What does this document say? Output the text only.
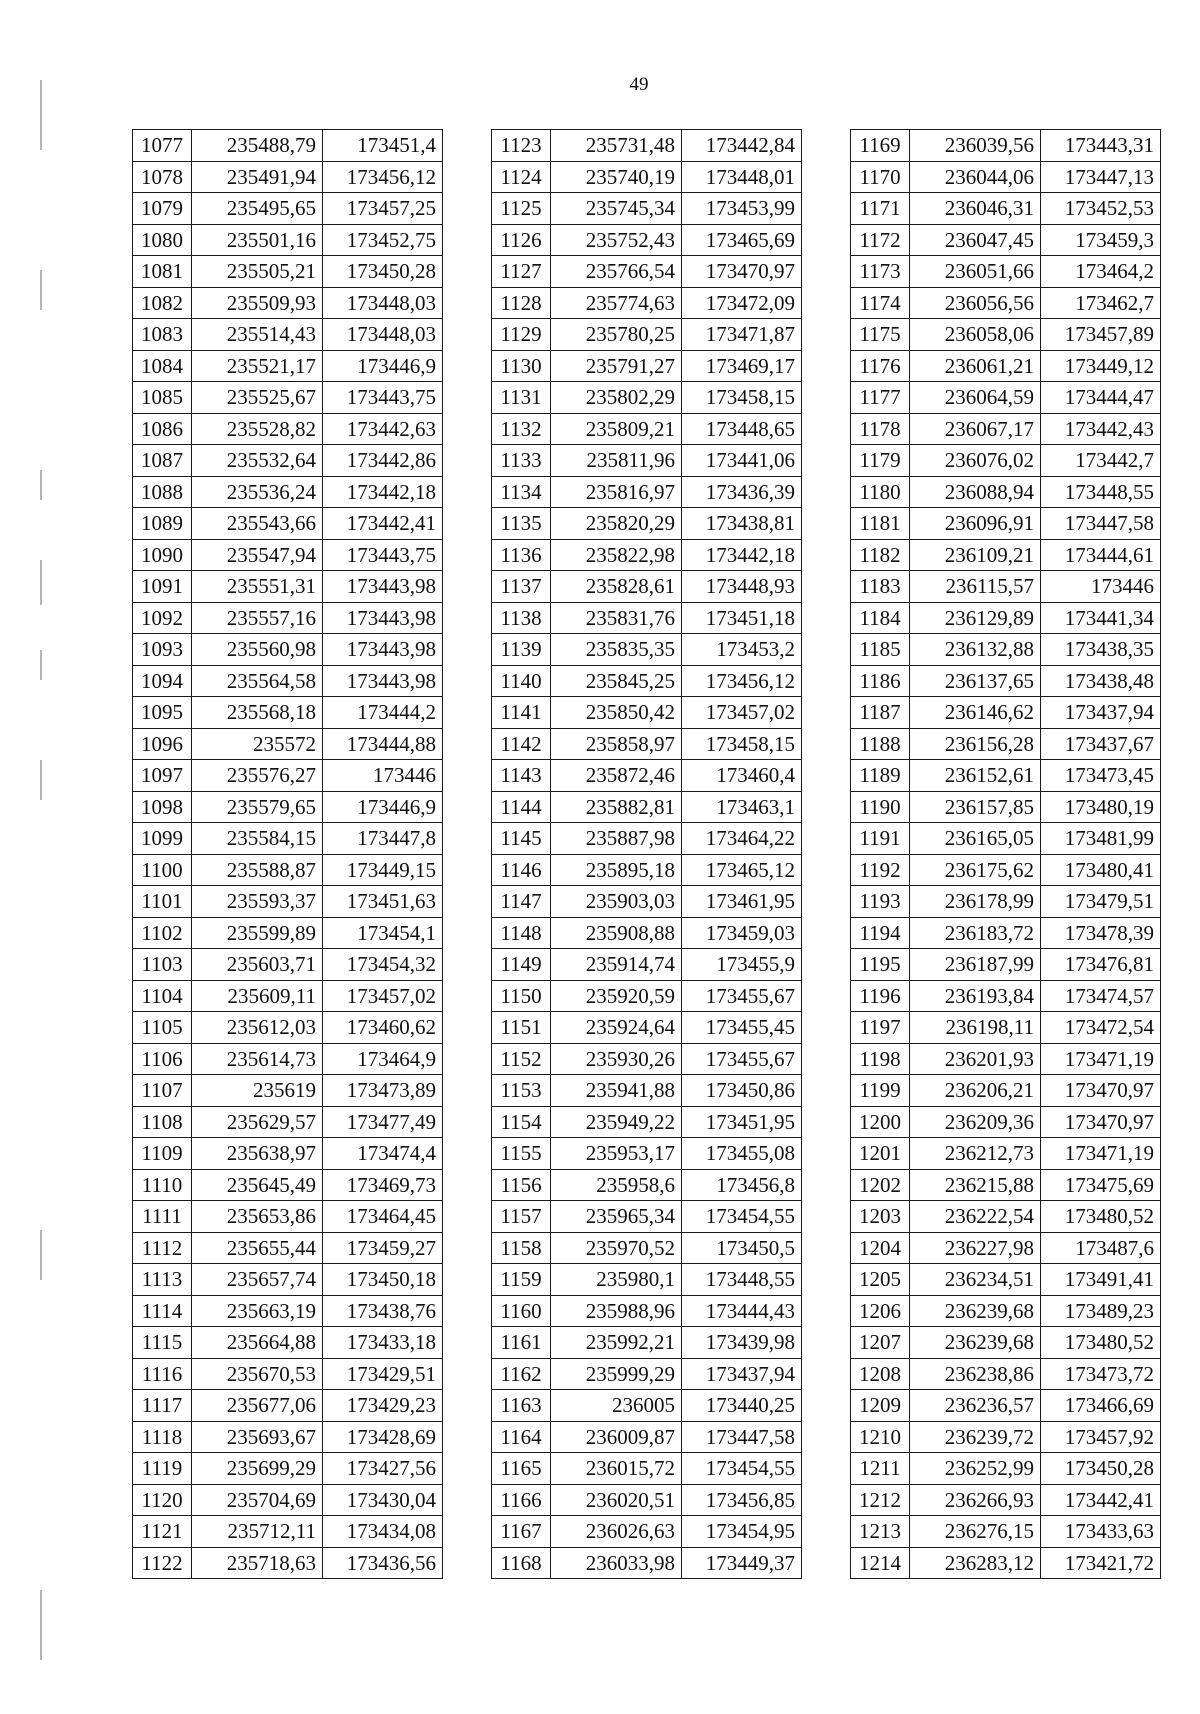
49
1077	235488,79	173451,4
1078	235491,94	173456,12
1079	235495,65	173457,25
1080	235501,16	173452,75
1081	235505,21	173450,28
1082	235509,93	173448,03
1083	235514,43	173448,03
1084	235521,17	173446,9
1085	235525,67	173443,75
1086	235528,82	173442,63
1087	235532,64	173442,86
1088	235536,24	173442,18
1089	235543,66	173442,41
1090	235547,94	173443,75
1091	235551,31	173443,98
1092	235557,16	173443,98
1093	235560,98	173443,98
1094	235564,58	173443,98
1095	235568,18	173444,2
1096	235572	173444,88
1097	235576,27	173446
1098	235579,65	173446,9
1099	235584,15	173447,8
1100	235588,87	173449,15
1101	235593,37	173451,63
1102	235599,89	173454,1
1103	235603,71	173454,32
1104	235609,11	173457,02
1105	235612,03	173460,62
1106	235614,73	173464,9
1107	235619	173473,89
1108	235629,57	173477,49
1109	235638,97	173474,4
1110	235645,49	173469,73
1111	235653,86	173464,45
1112	235655,44	173459,27
1113	235657,74	173450,18
1114	235663,19	173438,76
1115	235664,88	173433,18
1116	235670,53	173429,51
1117	235677,06	173429,23
1118	235693,67	173428,69
1119	235699,29	173427,56
1120	235704,69	173430,04
1121	235712,11	173434,08
1122	235718,63	173436,56
1123	235731,48	173442,84
1124	235740,19	173448,01
1125	235745,34	173453,99
1126	235752,43	173465,69
1127	235766,54	173470,97
1128	235774,63	173472,09
1129	235780,25	173471,87
1130	235791,27	173469,17
1131	235802,29	173458,15
1132	235809,21	173448,65
1133	235811,96	173441,06
1134	235816,97	173436,39
1135	235820,29	173438,81
1136	235822,98	173442,18
1137	235828,61	173448,93
1138	235831,76	173451,18
1139	235835,35	173453,2
1140	235845,25	173456,12
1141	235850,42	173457,02
1142	235858,97	173458,15
1143	235872,46	173460,4
1144	235882,81	173463,1
1145	235887,98	173464,22
1146	235895,18	173465,12
1147	235903,03	173461,95
1148	235908,88	173459,03
1149	235914,74	173455,9
1150	235920,59	173455,67
1151	235924,64	173455,45
1152	235930,26	173455,67
1153	235941,88	173450,86
1154	235949,22	173451,95
1155	235953,17	173455,08
1156	235958,6	173456,8
1157	235965,34	173454,55
1158	235970,52	173450,5
1159	235980,1	173448,55
1160	235988,96	173444,43
1161	235992,21	173439,98
1162	235999,29	173437,94
1163	236005	173440,25
1164	236009,87	173447,58
1165	236015,72	173454,55
1166	236020,51	173456,85
1167	236026,63	173454,95
1168	236033,98	173449,37
1169	236039,56	173443,31
1170	236044,06	173447,13
1171	236046,31	173452,53
1172	236047,45	173459,3
1173	236051,66	173464,2
1174	236056,56	173462,7
1175	236058,06	173457,89
1176	236061,21	173449,12
1177	236064,59	173444,47
1178	236067,17	173442,43
1179	236076,02	173442,7
1180	236088,94	173448,55
1181	236096,91	173447,58
1182	236109,21	173444,61
1183	236115,57	173446
1184	236129,89	173441,34
1185	236132,88	173438,35
1186	236137,65	173438,48
1187	236146,62	173437,94
1188	236156,28	173437,67
1189	236152,61	173473,45
1190	236157,85	173480,19
1191	236165,05	173481,99
1192	236175,62	173480,41
1193	236178,99	173479,51
1194	236183,72	173478,39
1195	236187,99	173476,81
1196	236193,84	173474,57
1197	236198,11	173472,54
1198	236201,93	173471,19
1199	236206,21	173470,97
1200	236209,36	173470,97
1201	236212,73	173471,19
1202	236215,88	173475,69
1203	236222,54	173480,52
1204	236227,98	173487,6
1205	236234,51	173491,41
1206	236239,68	173489,23
1207	236239,68	173480,52
1208	236238,86	173473,72
1209	236236,57	173466,69
1210	236239,72	173457,92
1211	236252,99	173450,28
1212	236266,93	173442,41
1213	236276,15	173433,63
1214	236283,12	173421,72
